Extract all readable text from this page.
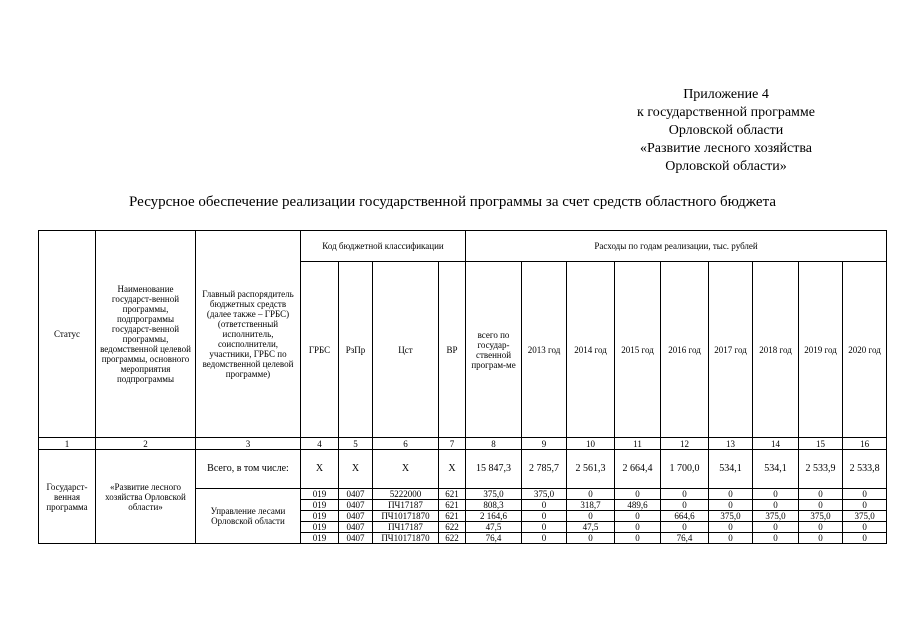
Приложение 4
к государственной программе
Орловской области
«Развитие лесного хозяйства
Орловской области»
Ресурсное обеспечение реализации государственной программы за счет средств областного бюджета
Статус	Наименование государст-венной программы, подпрограммы государст-венной программы, ведомственной целевой программы, основного мероприятия подпрограммы	Главный распорядитель бюджетных средств (далее также – ГРБС) (ответственный исполнитель, соисполнители, участники, ГРБС по ведомственной целевой программе)	Код бюджетной классификации				Расходы по годам реализации, тыс. рублей								
			ГРБС	РзПр	Цст	ВР	всего по государ-ственной програм-ме	2013 год	2014 год	2015 год	2016 год	2017 год	2018 год	2019 год	2020 год
1	2	3	4	5	6	7	8	9	10	11	12	13	14	15	16
Государст-венная программа	«Развитие лесного хозяйства Орловской области»	Всего, в том числе:	Х	Х	Х	Х	15 847,3	2 785,7	2 561,3	2 664,4	1 700,0	534,1	534,1	2 533,9	2 533,8
		Управление лесами Орловской области	019	0407	5222000	621	375,0	375,0	0	0	0	0	0	0	0
			019	0407	ПЧ17187	621	808,3	0	318,7	489,6	0	0	0	0	0
			019	0407	ПЧ10171870	621	2 164,6	0	0	0	664,6	375,0	375,0	375,0	375,0
			019	0407	ПЧ17187	622	47,5	0	47,5	0	0	0	0	0	0
			019	0407	ПЧ10171870	622	76,4	0	0	0	76,4	0	0	0	0
